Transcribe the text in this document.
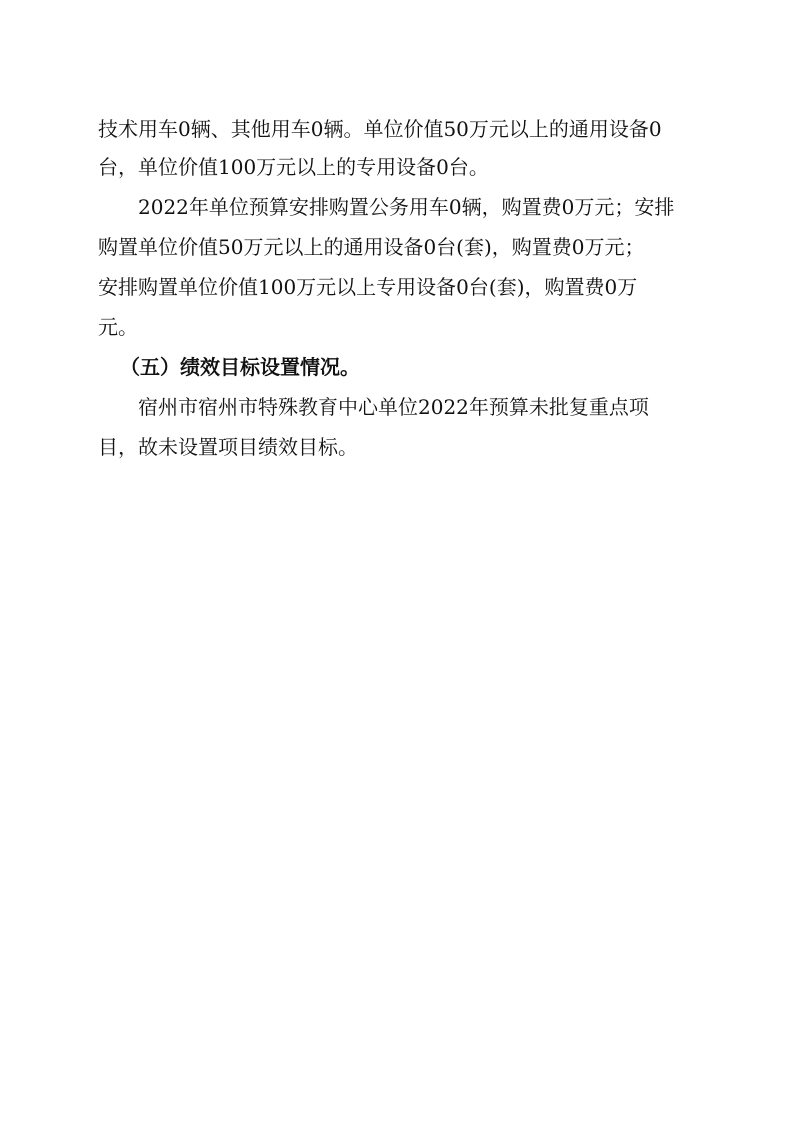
技术用车0辆、其他用车0辆。单位价值50万元以上的通用设备0
台，单位价值100万元以上的专用设备0台。
2022年单位预算安排购置公务用车0辆，购置费0万元；安排
购置单位价值50万元以上的通用设备0台(套)，购置费0万元；
安排购置单位价值100万元以上专用设备0台(套)，购置费0万
元。
（五）绩效目标设置情况。
宿州市宿州市特殊教育中心单位2022年预算未批复重点项
目，故未设置项目绩效目标。
